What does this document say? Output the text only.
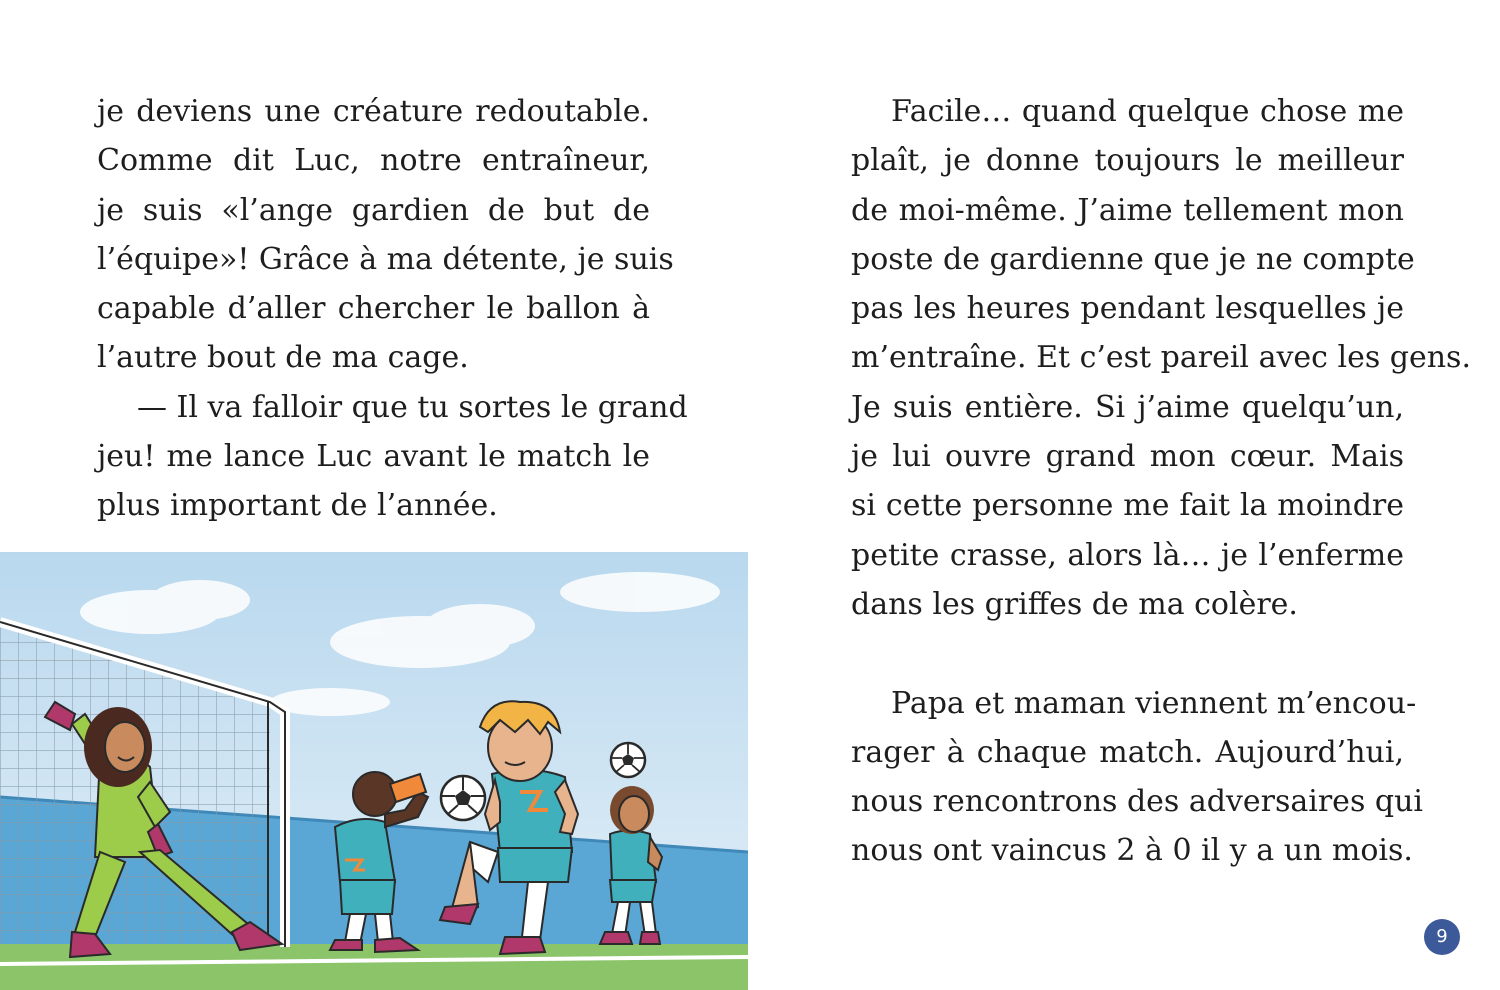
je deviens une créature redoutable.
Comme dit Luc, notre entraîneur,
je suis «l’ange gardien de but de
l’équipe»! Grâce à ma détente, je suis
capable d’aller chercher le ballon à
l’autre bout de ma cage.
— Il va falloir que tu sortes le grand
jeu! me lance Luc avant le match le
plus important de l’année.
Facile… quand quelque chose me
plaît, je donne toujours le meilleur
de moi-même. J’aime tellement mon
poste de gardienne que je ne compte
pas les heures pendant lesquelles je
m’entraîne. Et c’est pareil avec les gens.
Je suis entière. Si j’aime quelqu’un,
je lui ouvre grand mon cœur. Mais
si cette personne me fait la moindre
petite crasse, alors là… je l’enferme
dans les griffes de ma colère.
Papa et maman viennent m’encou-
rager à chaque match. Aujourd’hui,
nous rencontrons des adversaires qui
nous ont vaincus 2 à 0 il y a un mois.
9
